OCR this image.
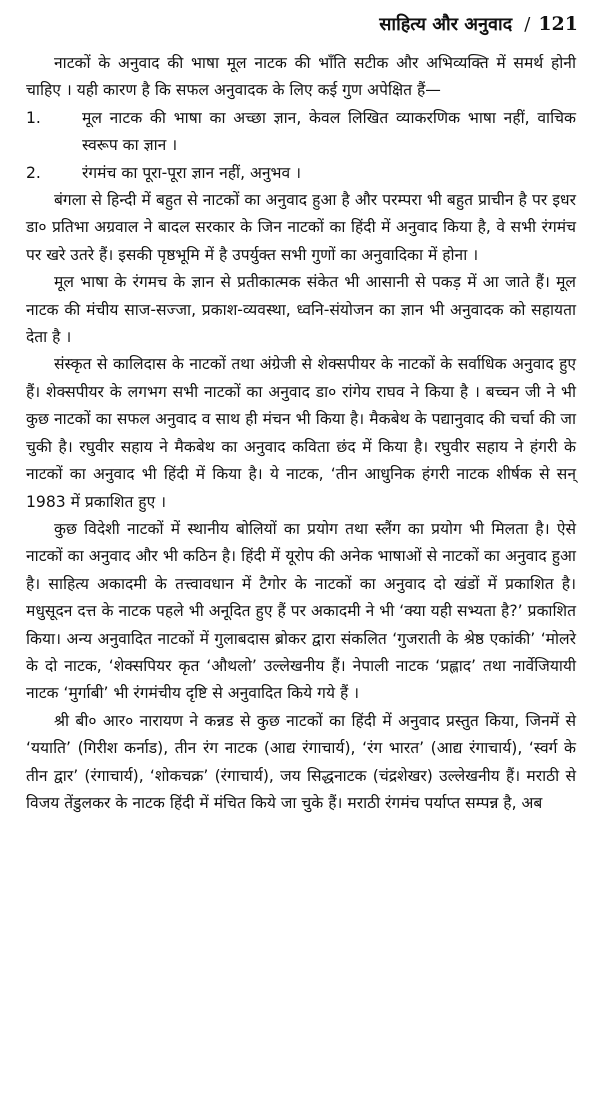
साहित्य और अनुवाद / 121

नाटकों के अनुवाद की भाषा मूल नाटक की भाँति सटीक और अभिव्यक्ति में समर्थ होनी चाहिए । यही कारण है कि सफल अनुवादक के लिए कई गुण अपेक्षित हैं—

1.	मूल नाटक की भाषा का अच्छा ज्ञान, केवल लिखित व्याकरणिक भाषा नहीं, वाचिक स्वरूप का ज्ञान ।

2.	रंगमंच का पूरा-पूरा ज्ञान नहीं, अनुभव ।

बंगला से हिन्दी में बहुत से नाटकों का अनुवाद हुआ है और परम्परा भी बहुत प्राचीन है पर इधर डा० प्रतिभा अग्रवाल ने बादल सरकार के जिन नाटकों का हिंदी में अनुवाद किया है, वे सभी रंगमंच पर खरे उतरे हैं। इसकी पृष्ठभूमि में है उपर्युक्त सभी गुणों का अनुवादिका में होना ।

मूल भाषा के रंगमच के ज्ञान से प्रतीकात्मक संकेत भी आसानी से पकड़ में आ जाते हैं। मूल नाटक की मंचीय साज-सज्जा, प्रकाश-व्यवस्था, ध्वनि-संयोजन का ज्ञान भी अनुवादक को सहायता देता है ।

संस्कृत से कालिदास के नाटकों तथा अंग्रेजी से शेक्सपीयर के नाटकों के सर्वाधिक अनुवाद हुए हैं। शेक्सपीयर के लगभग सभी नाटकों का अनुवाद डा० रांगेय राघव ने किया है । बच्चन जी ने भी कुछ नाटकों का सफल अनुवाद व साथ ही मंचन भी किया है। मैकबेथ के पद्यानुवाद की चर्चा की जा चुकी है। रघुवीर सहाय ने मैकबेथ का अनुवाद कविता छंद में किया है। रघुवीर सहाय ने हंगरी के नाटकों का अनुवाद भी हिंदी में किया है। ये नाटक, ‘तीन आधुनिक हंगरी नाटक शीर्षक से सन् 1983 में प्रकाशित हुए ।

कुछ विदेशी नाटकों में स्थानीय बोलियों का प्रयोग तथा स्लैंग का प्रयोग भी मिलता है। ऐसे नाटकों का अनुवाद और भी कठिन है। हिंदी में यूरोप की अनेक भाषाओं से नाटकों का अनुवाद हुआ है। साहित्य अकादमी के तत्त्वावधान में टैगोर के नाटकों का अनुवाद दो खंडों में प्रकाशित है। मधुसूदन दत्त के नाटक पहले भी अनूदित हुए हैं पर अकादमी ने भी ‘क्या यही सभ्यता है?’ प्रकाशित किया। अन्य अनुवादित नाटकों में गुलाबदास ब्रोकर द्वारा संकलित ‘गुजराती के श्रेष्ठ एकांकी’ ‘मोलरे के दो नाटक, ‘शेक्सपियर कृत ‘औथलो’ उल्लेखनीय हैं। नेपाली नाटक ‘प्रह्लाद’ तथा नार्वेजियायी नाटक ‘मुर्गाबी’ भी रंगमंचीय दृष्टि से अनुवादित किये गये हैं ।

श्री बी० आर० नारायण ने कन्नड से कुछ नाटकों का हिंदी में अनुवाद प्रस्तुत किया, जिनमें से ‘ययाति’ (गिरीश कर्नाड), तीन रंग नाटक (आद्य रंगाचार्य), ‘रंग भारत’ (आद्य रंगाचार्य), ‘स्वर्ग के तीन द्वार’ (रंगाचार्य), ‘शोकचक्र’ (रंगाचार्य), जय सिद्धनाटक (चंद्रशेखर) उल्लेखनीय हैं। मराठी से विजय तेंडुलकर के नाटक हिंदी में मंचित किये जा चुके हैं। मराठी रंगमंच पर्याप्त सम्पन्न है, अब
